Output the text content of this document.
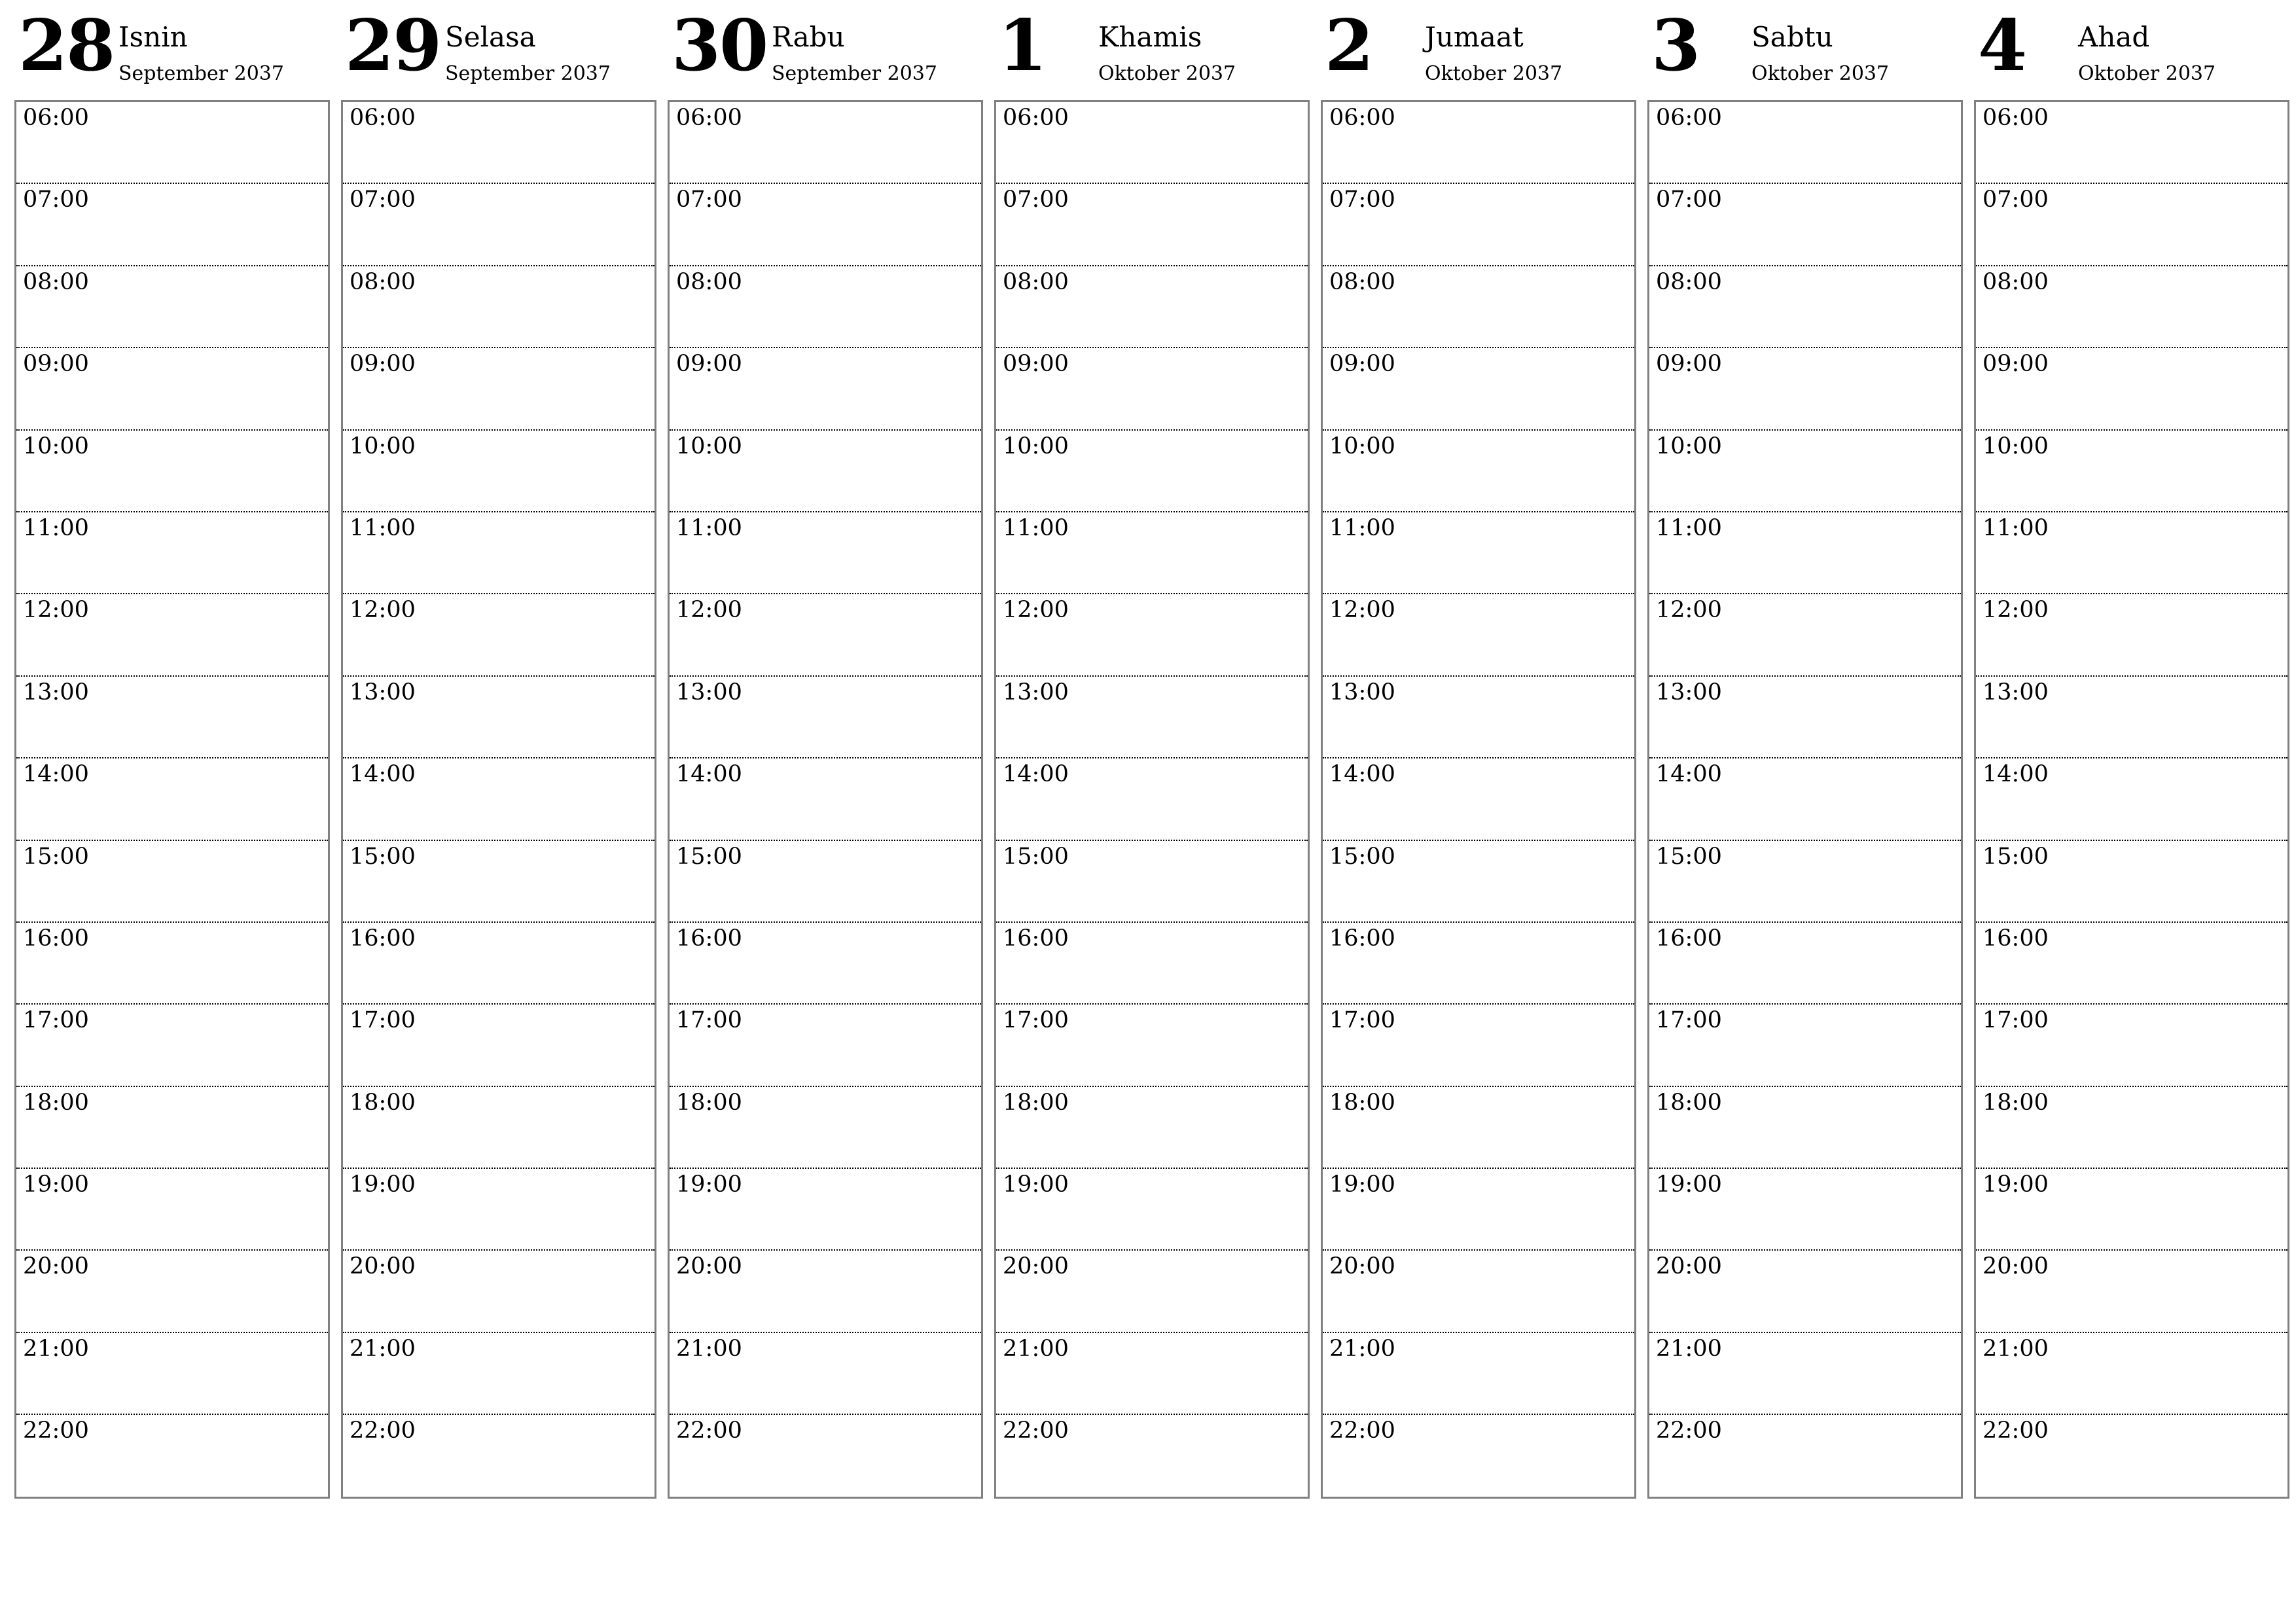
28 Isnin
September 2037
06:00
07:00
08:00
09:00
10:00
11:00
12:00
13:00
14:00
15:00
16:00
17:00
18:00
19:00
20:00
21:00
22:00
29 Selasa
September 2037
06:00
07:00
08:00
09:00
10:00
11:00
12:00
13:00
14:00
15:00
16:00
17:00
18:00
19:00
20:00
21:00
22:00
30 Rabu
September 2037
06:00
07:00
08:00
09:00
10:00
11:00
12:00
13:00
14:00
15:00
16:00
17:00
18:00
19:00
20:00
21:00
22:00
1 Khamis
Oktober 2037
06:00
07:00
08:00
09:00
10:00
11:00
12:00
13:00
14:00
15:00
16:00
17:00
18:00
19:00
20:00
21:00
22:00
2 Jumaat
Oktober 2037
06:00
07:00
08:00
09:00
10:00
11:00
12:00
13:00
14:00
15:00
16:00
17:00
18:00
19:00
20:00
21:00
22:00
3 Sabtu
Oktober 2037
06:00
07:00
08:00
09:00
10:00
11:00
12:00
13:00
14:00
15:00
16:00
17:00
18:00
19:00
20:00
21:00
22:00
4 Ahad
Oktober 2037
06:00
07:00
08:00
09:00
10:00
11:00
12:00
13:00
14:00
15:00
16:00
17:00
18:00
19:00
20:00
21:00
22:00
